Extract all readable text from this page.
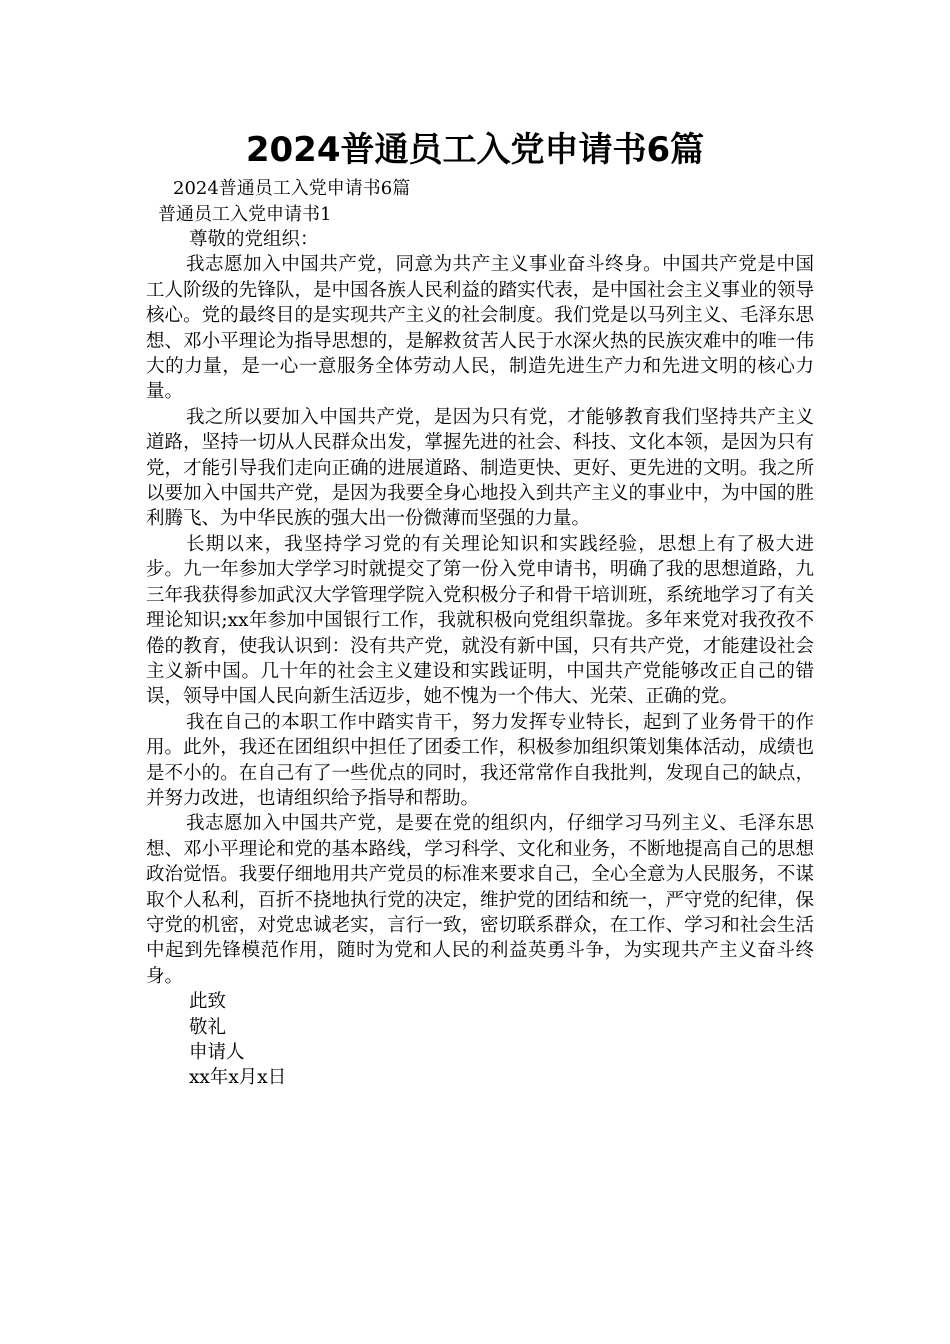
2024普通员工入党申请书6篇
2024普通员工入党申请书6篇
普通员工入党申请书1

尊敬的党组织：

我志愿加入中国共产党，同意为共产主义事业奋斗终身。中国共产党是中国工人阶级的先锋队，是中国各族人民利益的踏实代表，是中国社会主义事业的领导核心。党的最终目的是实现共产主义的社会制度。我们党是以马列主义、毛泽东思想、邓小平理论为指导思想的，是解救贫苦人民于水深火热的民族灾难中的唯一伟大的力量，是一心一意服务全体劳动人民，制造先进生产力和先进文明的核心力量。

我之所以要加入中国共产党，是因为只有党，才能够教育我们坚持共产主义道路，坚持一切从人民群众出发，掌握先进的社会、科技、文化本领，是因为只有党，才能引导我们走向正确的进展道路、制造更快、更好、更先进的文明。我之所以要加入中国共产党，是因为我要全身心地投入到共产主义的事业中，为中国的胜利腾飞、为中华民族的强大出一份微薄而坚强的力量。

长期以来，我坚持学习党的有关理论知识和实践经验，思想上有了极大进步。九一年参加大学学习时就提交了第一份入党申请书，明确了我的思想道路，九三年我获得参加武汉大学管理学院入党积极分子和骨干培训班，系统地学习了有关理论知识;xx年参加中国银行工作，我就积极向党组织靠拢。多年来党对我孜孜不倦的教育，使我认识到：没有共产党，就没有新中国，只有共产党，才能建设社会主义新中国。几十年的社会主义建设和实践证明，中国共产党能够改正自己的错误，领导中国人民向新生活迈步，她不愧为一个伟大、光荣、正确的党。

我在自己的本职工作中踏实肯干，努力发挥专业特长，起到了业务骨干的作用。此外，我还在团组织中担任了团委工作，积极参加组织策划集体活动，成绩也是不小的。在自己有了一些优点的同时，我还常常作自我批判，发现自己的缺点，并努力改进，也请组织给予指导和帮助。

我志愿加入中国共产党，是要在党的组织内，仔细学习马列主义、毛泽东思想、邓小平理论和党的基本路线，学习科学、文化和业务，不断地提高自己的思想政治觉悟。我要仔细地用共产党员的标准来要求自己，全心全意为人民服务，不谋取个人私利，百折不挠地执行党的决定，维护党的团结和统一，严守党的纪律，保守党的机密，对党忠诚老实，言行一致，密切联系群众，在工作、学习和社会生活中起到先锋模范作用，随时为党和人民的利益英勇斗争，为实现共产主义奋斗终身。

此致

敬礼

申请人

xx年x月x日
